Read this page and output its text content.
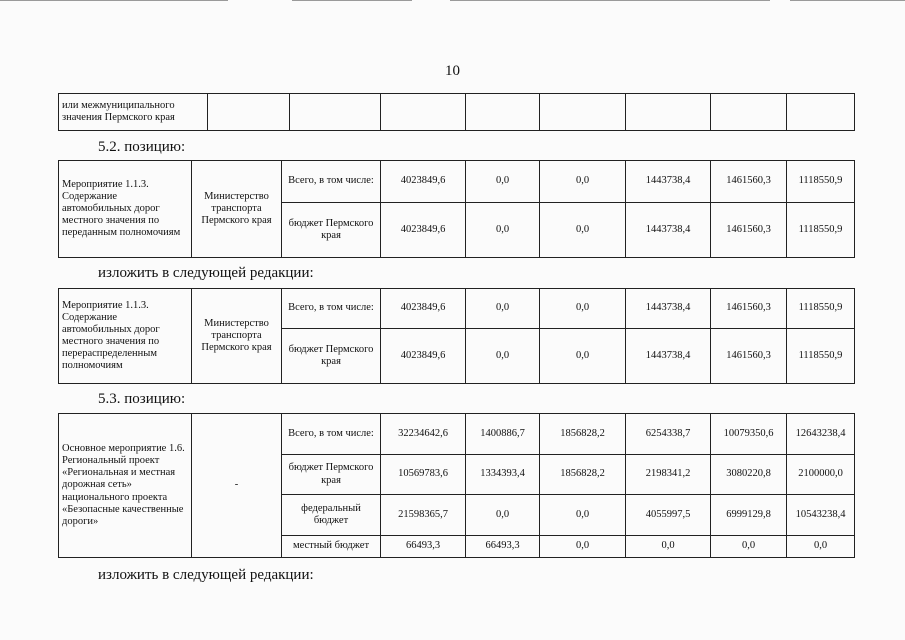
10
или межмуниципального значения Пермского края								
5.2. позицию:
Мероприятие 1.1.3. Содержание автомобильных дорог местного значения по переданным полномочиям	Министерство транспорта Пермского края	Всего, в том числе:	4023849,6	0,0	0,0	1443738,4	1461560,3	1118550,9
		бюджет Пермского края	4023849,6	0,0	0,0	1443738,4	1461560,3	1118550,9
изложить в следующей редакции:
Мероприятие 1.1.3. Содержание автомобильных дорог местного значения по перераспределенным полномочиям	Министерство транспорта Пермского края	Всего, в том числе:	4023849,6	0,0	0,0	1443738,4	1461560,3	1118550,9
		бюджет Пермского края	4023849,6	0,0	0,0	1443738,4	1461560,3	1118550,9
5.3. позицию:
Основное мероприятие 1.6. Региональный проект «Региональная и местная дорожная сеть» национального проекта «Безопасные качественные дороги»	-	Всего, в том числе:	32234642,6	1400886,7	1856828,2	6254338,7	10079350,6	12643238,4
		бюджет Пермского края	10569783,6	1334393,4	1856828,2	2198341,2	3080220,8	2100000,0
		федеральный бюджет	21598365,7	0,0	0,0	4055997,5	6999129,8	10543238,4
		местный бюджет	66493,3	66493,3	0,0	0,0	0,0	0,0
изложить в следующей редакции:
